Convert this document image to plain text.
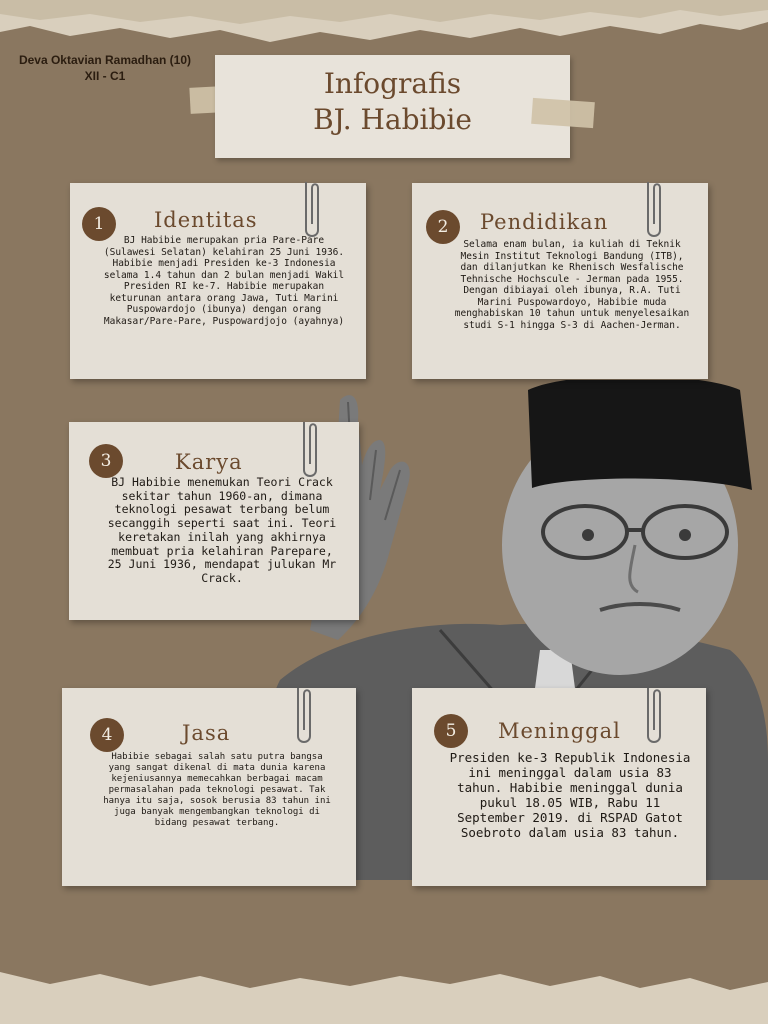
Deva Oktavian Ramadhan (10)
XII - C1	Infografis
BJ. Habibie
1	Identitas
BJ Habibie merupakan pria Pare-Pare (Sulawesi Selatan) kelahiran 25 Juni 1936. Habibie menjadi Presiden ke-3 Indonesia selama 1.4 tahun dan 2 bulan menjadi Wakil Presiden RI ke-7. Habibie merupakan keturunan antara orang Jawa, Tuti Marini Puspowardojo (ibunya) dengan orang Makasar/Pare-Pare, Puspowardjojo (ayahnya)
2	Pendidikan
Selama enam bulan, ia kuliah di Teknik Mesin Institut Teknologi Bandung (ITB), dan dilanjutkan ke Rhenisch Wesfalische Tehnische Hochscule - Jerman pada 1955. Dengan dibiayai oleh ibunya, R.A. Tuti Marini Puspowardoyo, Habibie muda menghabiskan 10 tahun untuk menyelesaikan studi S-1 hingga S-3 di Aachen-Jerman.
3	Karya
BJ Habibie menemukan Teori Crack sekitar tahun 1960-an, dimana teknologi pesawat terbang belum secanggih seperti saat ini. Teori keretakan inilah yang akhirnya membuat pria kelahiran Parepare, 25 Juni 1936, mendapat julukan Mr Crack.
4	Jasa
Habibie sebagai salah satu putra bangsa yang sangat dikenal di mata dunia karena kejeniusannya memecahkan berbagai macam permasalahan pada teknologi pesawat. Tak hanya itu saja, sosok berusia 83 tahun ini juga banyak mengembangkan teknologi di bidang pesawat terbang.
5	Meninggal
Presiden ke-3 Republik Indonesia ini meninggal dalam usia 83 tahun. Habibie meninggal dunia pukul 18.05 WIB, Rabu 11 September 2019. di RSPAD Gatot Soebroto dalam usia 83 tahun.
